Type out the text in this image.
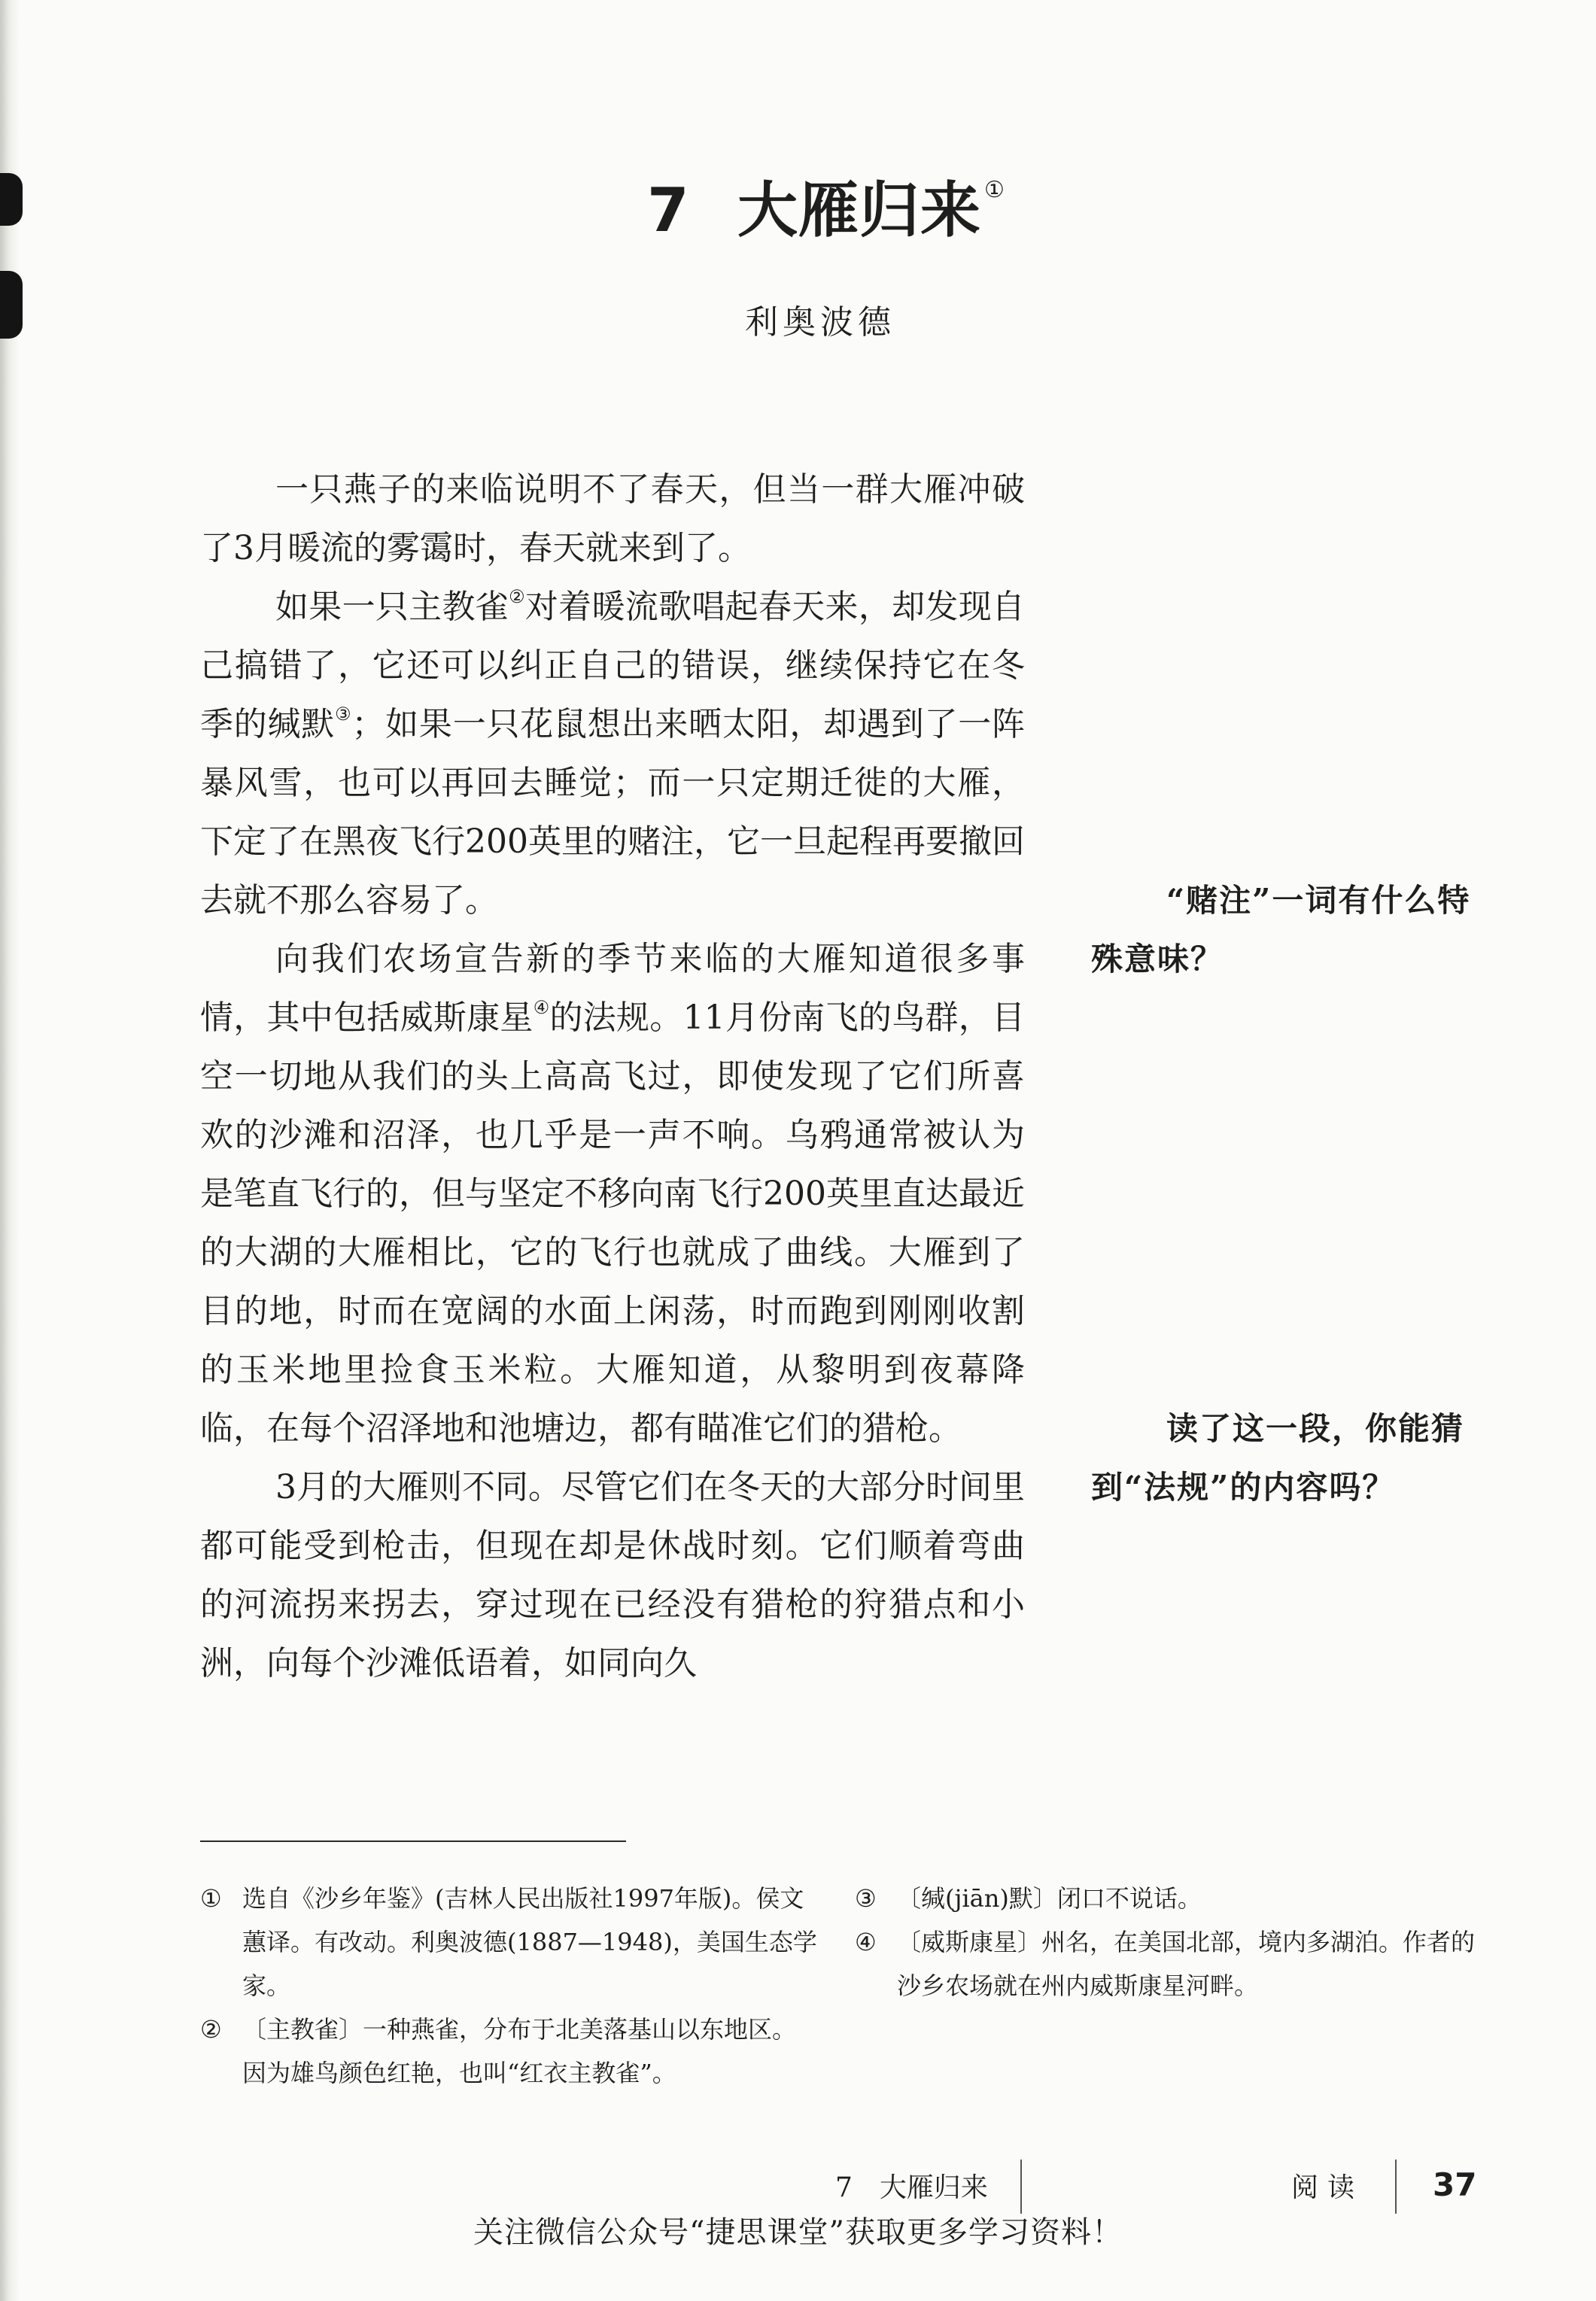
7 大雁归来 ①
利奥波德

一只燕子的来临说明不了春天，但当一群大雁冲破了3月暖流的雾霭时，春天就来到了。

如果一只主教雀②对着暖流歌唱起春天来，却发现自己搞错了，它还可以纠正自己的错误，继续保持它在冬季的缄默③；如果一只花鼠想出来晒太阳，却遇到了一阵暴风雪，也可以再回去睡觉；而一只定期迁徙的大雁，下定了在黑夜飞行200英里的赌注，它一旦起程再要撤回去就不那么容易了。

向我们农场宣告新的季节来临的大雁知道很多事情，其中包括威斯康星④的法规。11月份南飞的鸟群，目空一切地从我们的头上高高飞过，即使发现了它们所喜欢的沙滩和沼泽，也几乎是一声不响。乌鸦通常被认为是笔直飞行的，但与坚定不移向南飞行200英里直达最近的大湖的大雁相比，它的飞行也就成了曲线。大雁到了目的地，时而在宽阔的水面上闲荡，时而跑到刚刚收割的玉米地里捡食玉米粒。大雁知道，从黎明到夜幕降临，在每个沼泽地和池塘边，都有瞄准它们的猎枪。

3月的大雁则不同。尽管它们在冬天的大部分时间里都可能受到枪击，但现在却是休战时刻。它们顺着弯曲的河流拐来拐去，穿过现在已经没有猎枪的狩猎点和小洲，向每个沙滩低语着，如同向久

“赌注”一词有什么特殊意味？
读了这一段，你能猜到“法规”的内容吗？
① 选自《沙乡年鉴》(吉林人民出版社1997年版)。侯文蕙译。有改动。利奥波德(1887—1948)，美国生态学家。
② 〔主教雀〕一种燕雀，分布于北美落基山以东地区。因为雄鸟颜色红艳，也叫“红衣主教雀”。
③ 〔缄(jiān)默〕闭口不说话。
④ 〔威斯康星〕州名，在美国北部，境内多湖泊。作者的沙乡农场就在州内威斯康星河畔。
7　大雁归来	阅读 37
关注微信公众号“捷思课堂”获取更多学习资料！
